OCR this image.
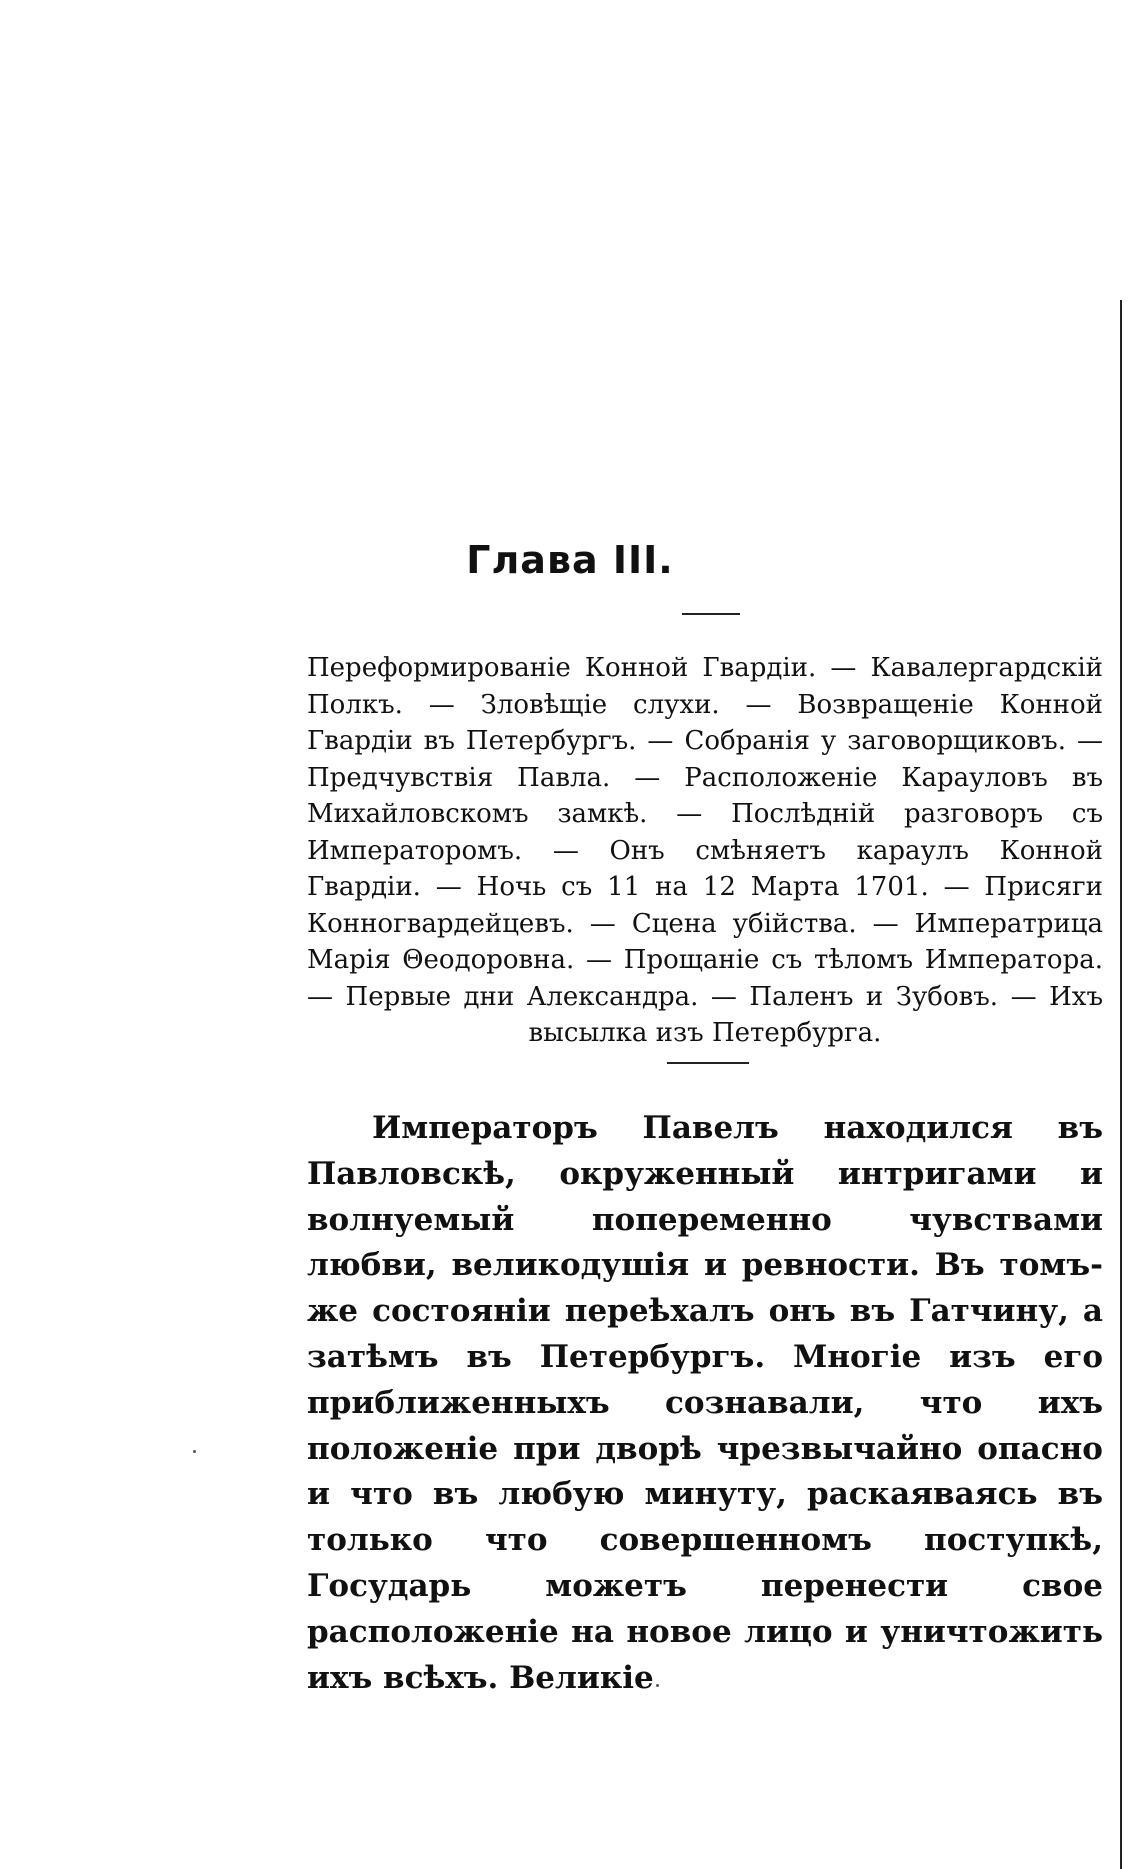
Глава III.

Переформированіе Конной Гвардіи. — Кавалергардскій Полкъ. — Зловѣщіе слухи. — Возвращеніе Конной Гвардіи въ Петербургъ. — Собранія у заговорщиковъ. — Предчувствія Павла. — Расположеніе Карауловъ въ Михайловскомъ замкѣ. — Послѣдній разговоръ съ Императоромъ. — Онъ смѣняетъ караулъ Конной Гвардіи. — Ночь съ 11 на 12 Марта 1701. — Присяги Конногвардейцевъ. — Сцена убійства. — Императрица Марія Θеодоровна. — Прощаніе съ тѣломъ Императора. — Первые дни Александра. — Паленъ и Зубовъ. — Ихъ высылка изъ Петербурга.

Императоръ Павелъ находился въ Павловскѣ, окруженный интригами и волнуемый попеременно чувствами любви, великодушія и ревности. Въ томъ-же состояніи переѣхалъ онъ въ Гатчину, а затѣмъ въ Петербургъ. Многіе изъ его приближенныхъ сознавали, что ихъ положеніе при дворѣ чрезвычайно опасно и что въ любую минуту, раскаяваясь въ только что совершенномъ поступкѣ, Государь можетъ перенести свое расположеніе на новое лицо и уничтожить ихъ всѣхъ. Великіе
